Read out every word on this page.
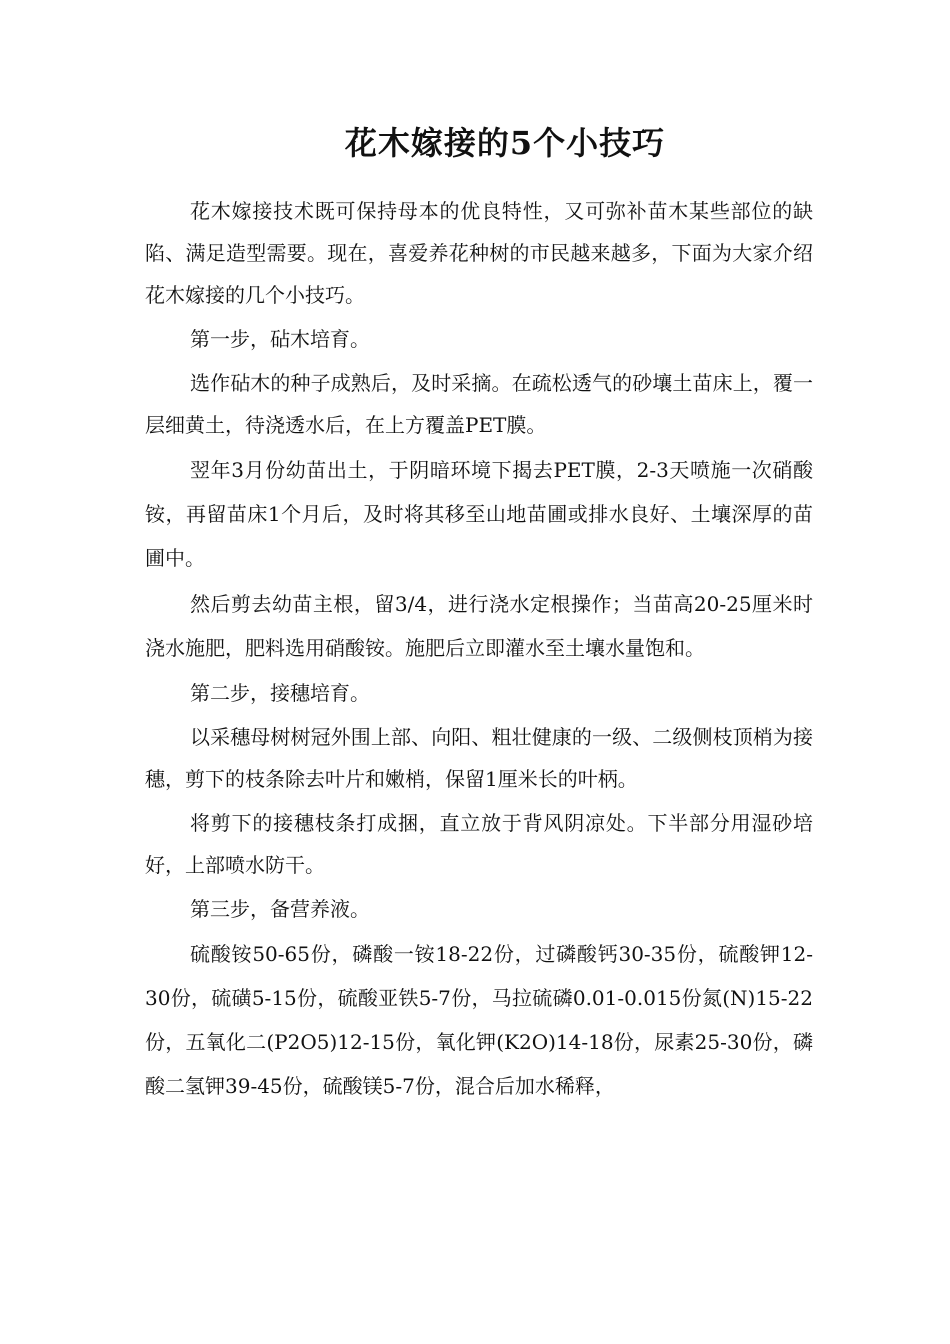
花木嫁接的5个小技巧

花木嫁接技术既可保持母本的优良特性，又可弥补苗木某些部位的缺陷、满足造型需要。现在，喜爱养花种树的市民越来越多，下面为大家介绍花木嫁接的几个小技巧。

第一步，砧木培育。

选作砧木的种子成熟后，及时采摘。在疏松透气的砂壤土苗床上，覆一层细黄土，待浇透水后，在上方覆盖PET膜。

翌年3月份幼苗出土，于阴暗环境下揭去PET膜，2-3天喷施一次硝酸铵，再留苗床1个月后，及时将其移至山地苗圃或排水良好、土壤深厚的苗圃中。

然后剪去幼苗主根，留3/4，进行浇水定根操作；当苗高20-25厘米时浇水施肥，肥料选用硝酸铵。施肥后立即灌水至土壤水量饱和。

第二步，接穗培育。

以采穗母树树冠外围上部、向阳、粗壮健康的一级、二级侧枝顶梢为接穗，剪下的枝条除去叶片和嫩梢，保留1厘米长的叶柄。

将剪下的接穗枝条打成捆，直立放于背风阴凉处。下半部分用湿砂培好，上部喷水防干。

第三步，备营养液。

硫酸铵50-65份，磷酸一铵18-22份，过磷酸钙30-35份，硫酸钾12-30份，硫磺5-15份，硫酸亚铁5-7份，马拉硫磷0.01-0.015份氮(N)15-22份，五氧化二(P2O5)12-15份，氧化钾(K2O)14-18份，尿素25-30份，磷酸二氢钾39-45份，硫酸镁5-7份，混合后加水稀释，
